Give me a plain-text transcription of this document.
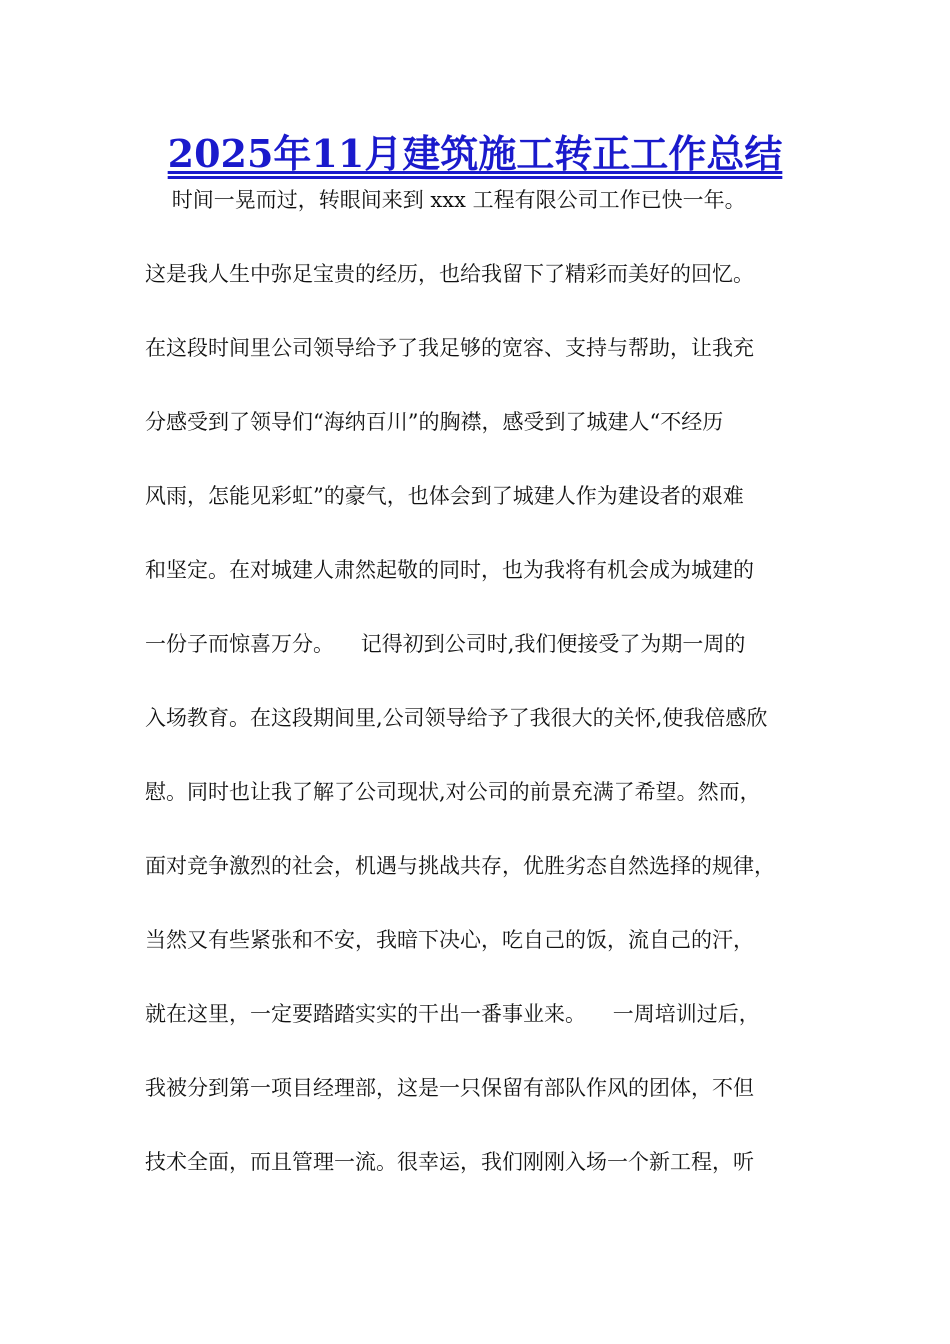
2025年11月建筑施工转正工作总结
时间一晃而过，转眼间来到 xxx 工程有限公司工作已快一年。
这是我人生中弥足宝贵的经历，也给我留下了精彩而美好的回忆。
在这段时间里公司领导给予了我足够的宽容、支持与帮助，让我充
分感受到了领导们“海纳百川”的胸襟，感受到了城建人“不经历
风雨，怎能见彩虹”的豪气，也体会到了城建人作为建设者的艰难
和坚定。在对城建人肃然起敬的同时，也为我将有机会成为城建的
一份子而惊喜万分。    记得初到公司时,我们便接受了为期一周的
入场教育。在这段期间里,公司领导给予了我很大的关怀,使我倍感欣
慰。同时也让我了解了公司现状,对公司的前景充满了希望。然而，
面对竞争激烈的社会，机遇与挑战共存，优胜劣态自然选择的规律，
当然又有些紧张和不安，我暗下决心，吃自己的饭，流自己的汗，
就在这里，一定要踏踏实实的干出一番事业来。    一周培训过后，
我被分到第一项目经理部，这是一只保留有部队作风的团体，不但
技术全面，而且管理一流。很幸运，我们刚刚入场一个新工程，听
